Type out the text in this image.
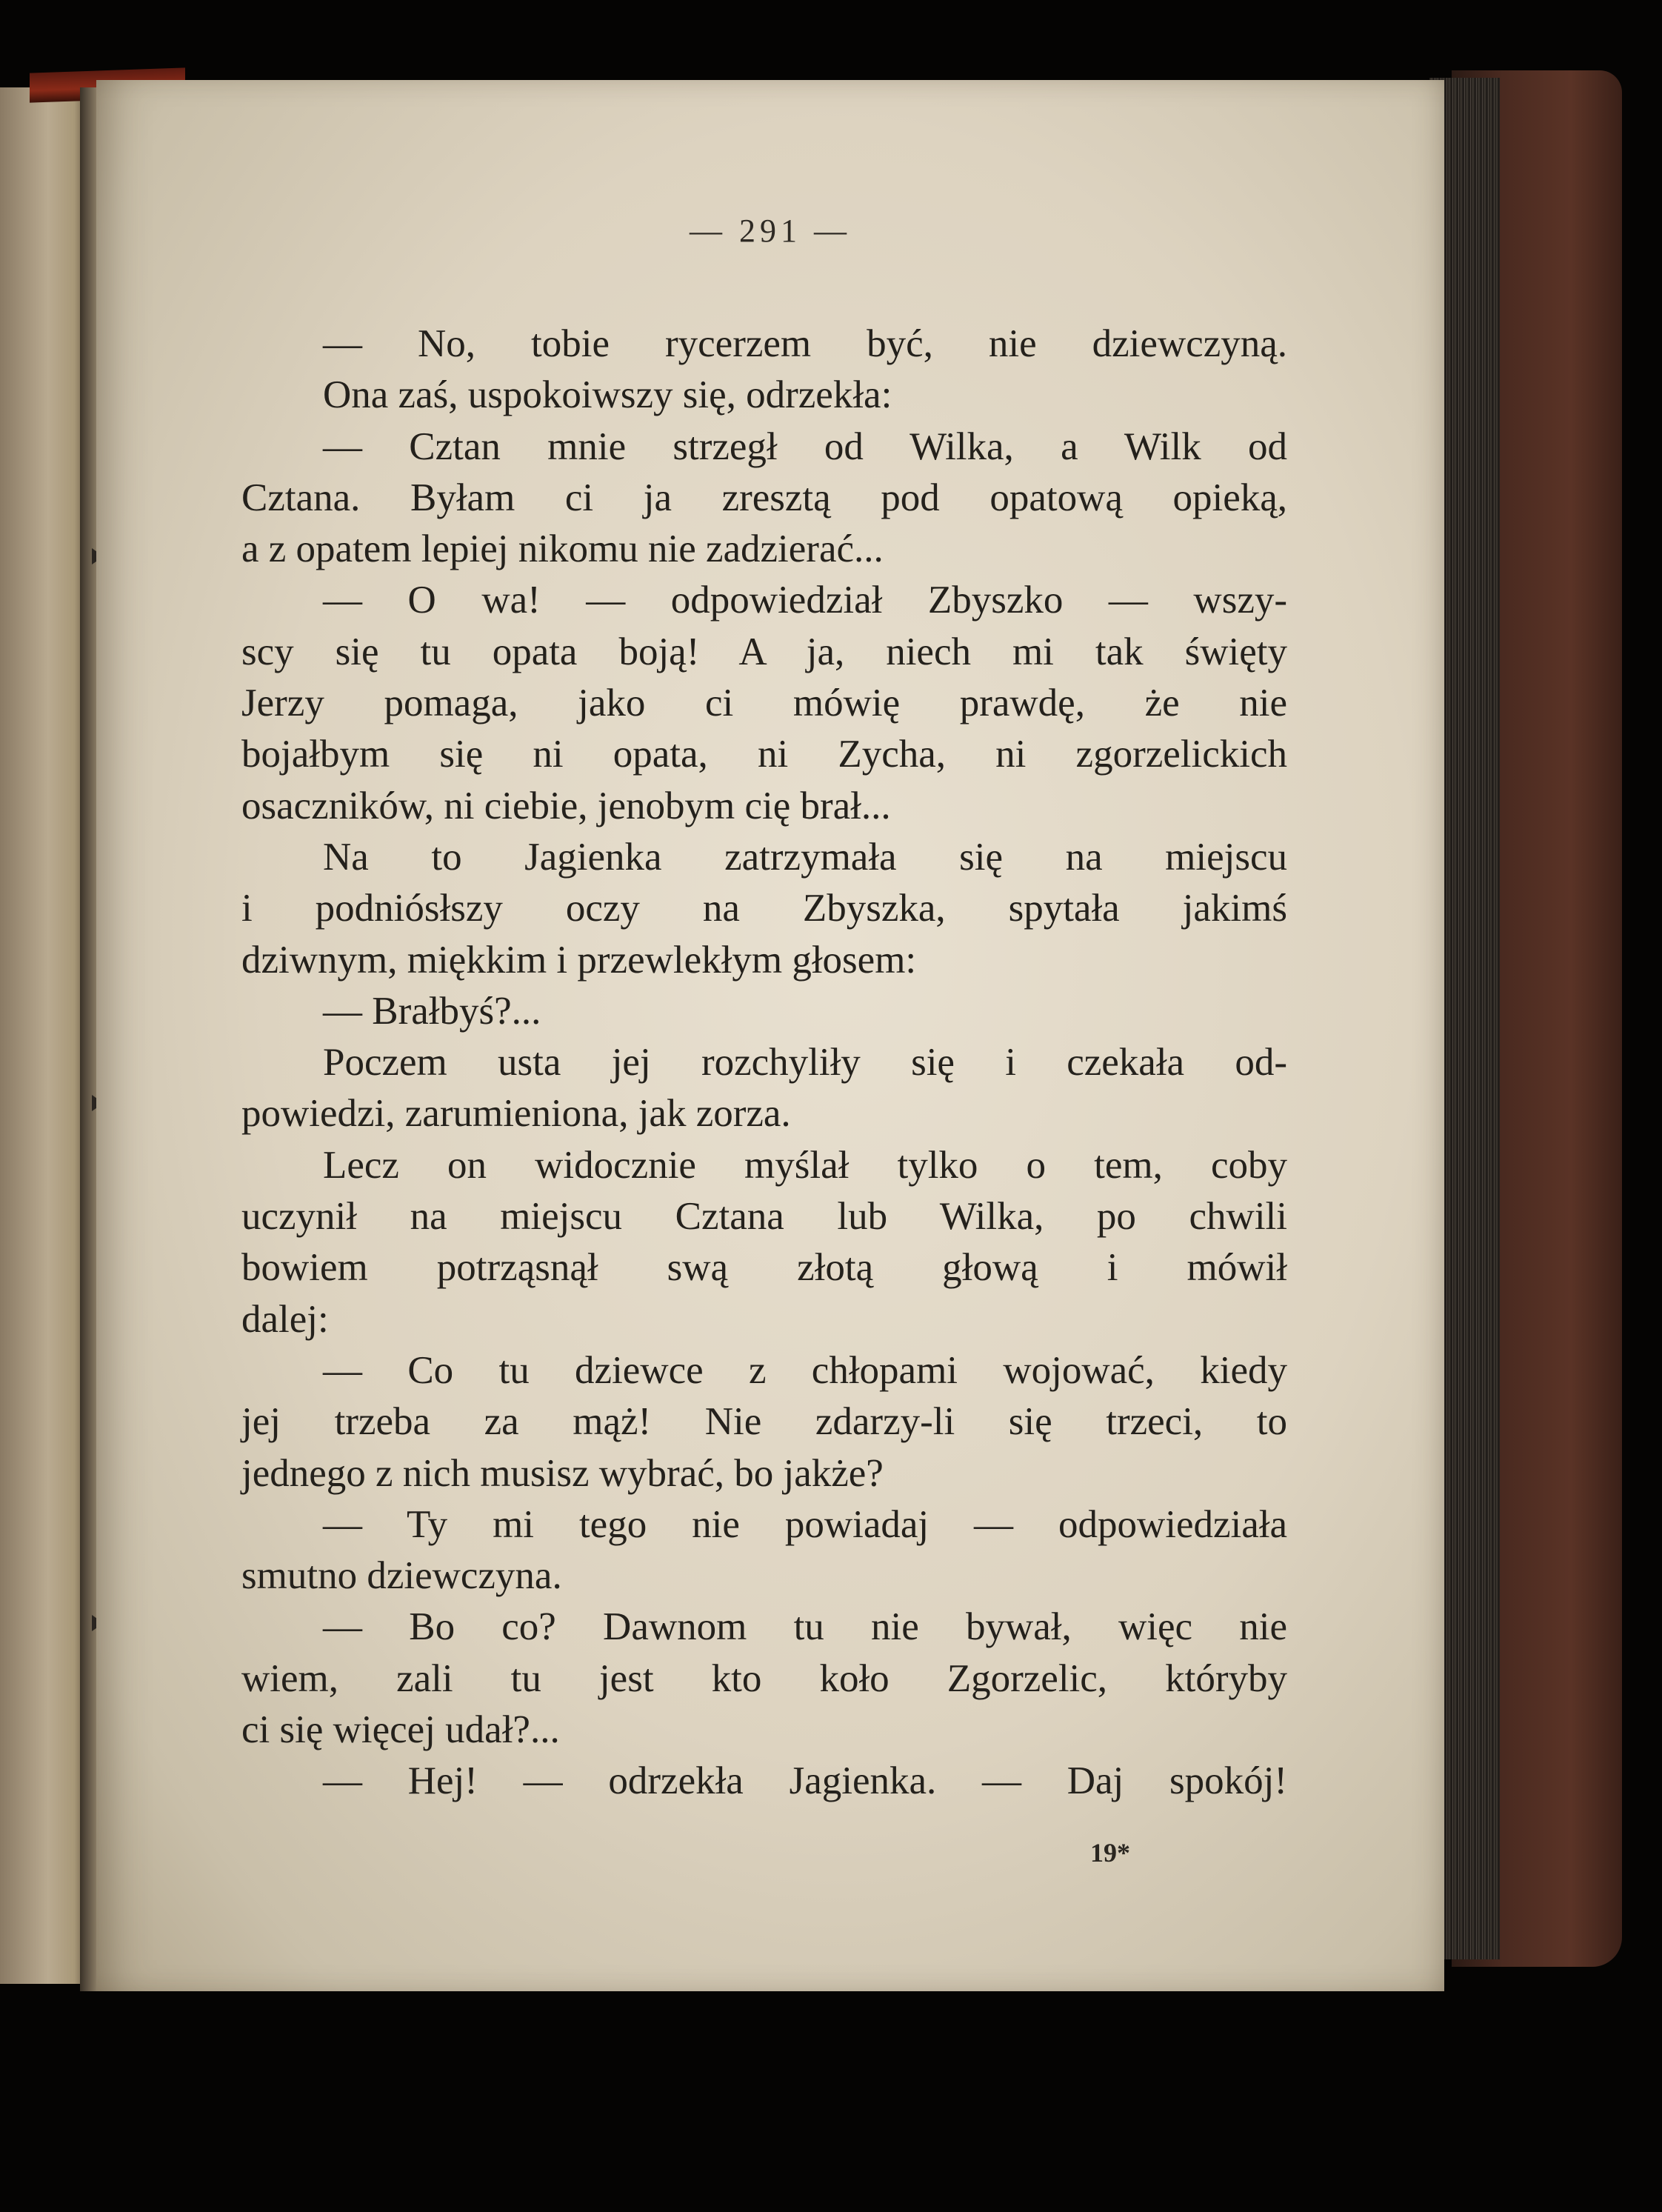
— 291 —
— No, tobie rycerzem być, nie dziewczyną.
Ona zaś, uspokoiwszy się, odrzekła:
— Cztan mnie strzegł od Wilka, a Wilk od
Cztana. Byłam ci ja zresztą pod opatową opieką,
a z opatem lepiej nikomu nie zadzierać...
— O wa! — odpowiedział Zbyszko — wszy-
scy się tu opata boją! A ja, niech mi tak święty
Jerzy pomaga, jako ci mówię prawdę, że nie
bojałbym się ni opata, ni Zycha, ni zgorzelickich
osaczników, ni ciebie, jenobym cię brał...
Na to Jagienka zatrzymała się na miejscu
i podniósłszy oczy na Zbyszka, spytała jakimś
dziwnym, miękkim i przewlekłym głosem:
— Brałbyś?...
Poczem usta jej rozchyliły się i czekała od-
powiedzi, zarumieniona, jak zorza.
Lecz on widocznie myślał tylko o tem, coby
uczynił na miejscu Cztana lub Wilka, po chwili
bowiem potrząsnął swą złotą głową i mówił
dalej:
— Co tu dziewce z chłopami wojować, kiedy
jej trzeba za mąż! Nie zdarzy-li się trzeci, to
jednego z nich musisz wybrać, bo jakże?
— Ty mi tego nie powiadaj — odpowiedziała
smutno dziewczyna.
— Bo co? Dawnom tu nie bywał, więc nie
wiem, zali tu jest kto koło Zgorzelic, któryby
ci się więcej udał?...
— Hej! — odrzekła Jagienka. — Daj spokój!
19*
